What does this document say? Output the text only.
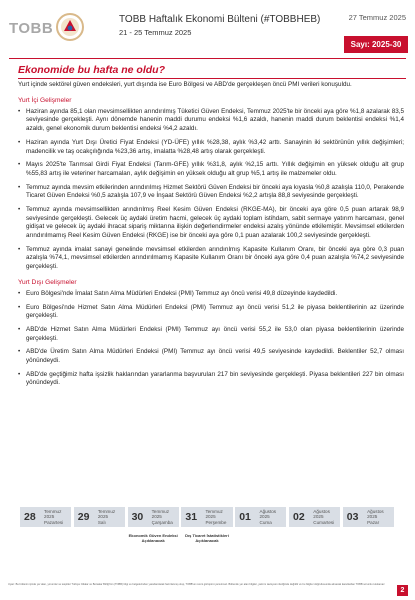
TOBB
TOBB Haftalık Ekonomi Bülteni (#TOBBHEB)
21 - 25 Temmuz 2025
27 Temmuz 2025
Sayı: 2025-30
Ekonomide bu hafta ne oldu?

Yurt içinde sektörel güven endeksleri, yurt dışında ise Euro Bölgesi ve ABD'de gerçekleşen öncü PMI verileri konuşuldu.

Yurt İçi Gelişmeler
• Haziran ayında 85,1 olan mevsimsellikten arındırılmış Tüketici Güven Endeksi, Temmuz 2025'te bir önceki aya göre %1,8 azalarak 83,5 seviyesinde gerçekleşti. Aynı dönemde hanenin maddi durumu endeksi %1,6 azaldı, hanenin maddi durum beklentisi endeksi %1,4 azaldı, genel ekonomik durum beklentisi endeksi %4,2 azaldı.
• Haziran ayında Yurt Dışı Üretici Fiyat Endeksi (YD-ÜFE) yıllık %28,38, aylık %3,42 arttı. Sanayinin iki sektörünün yıllık değişimleri; madencilik ve taş ocakçılığında %23,36 artış, imalatta %28,48 artış olarak gerçekleşti.
• Mayıs 2025'te Tarımsal Girdi Fiyat Endeksi (Tarım-GFE) yıllık %31,8, aylık %2,15 arttı. Yıllık değişimin en yüksek olduğu alt grup %55,83 artış ile veteriner harcamaları, aylık değişimin en yüksek olduğu alt grup %5,1 artış ile malzemeler oldu.
• Temmuz ayında mevsim etkilerinden arındırılmış Hizmet Sektörü Güven Endeksi bir önceki aya kıyasla %0,8 azalışla 110,0, Perakende Ticaret Güven Endeksi %0,5 azalışla 107,9 ve İnşaat Sektörü Güven Endeksi %2,2 artışla 88,8 seviyesinde gerçekleşti.
• Temmuz ayında mevsimsellikten arındırılmış Reel Kesim Güven Endeksi (RKGE-MA), bir önceki aya göre 0,5 puan artarak 98,9 seviyesinde gerçekleşti. Gelecek üç aydaki üretim hacmi, gelecek üç aydaki toplam istihdam, sabit sermaye yatırım harcaması, genel gidişat ve gelecek üç aydaki ihracat sipariş miktarına ilişkin değerlendirmeler endeksi azalış yönünde etkilemiştir. Mevsimsel etkilerden arındırılmamış Reel Kesim Güven Endeksi (RKGE) ise bir önceki aya göre 0,1 puan azalarak 100,2 seviyesinde gerçekleşti.
• Temmuz ayında imalat sanayi genelinde mevsimsel etkilerden arındırılmış Kapasite Kullanım Oranı, bir önceki aya göre 0,3 puan azalışla %74,1, mevsimsel etkilerden arındırılmamış Kapasite Kullanım Oranı bir önceki aya göre 0,4 puan azalışla %74,2 seviyesinde gerçekleşti.
Yurt Dışı Gelişmeler
• Euro Bölgesi'nde İmalat Satın Alma Müdürleri Endeksi (PMI) Temmuz ayı öncü verisi 49,8 düzeyinde kaydedildi.
• Euro Bölgesi'nde Hizmet Satın Alma Müdürleri Endeksi (PMI) Temmuz ayı öncü verisi 51,2 ile piyasa beklentilerinin az üzerinde gerçekleşti.
• ABD'de Hizmet Satın Alma Müdürleri Endeksi (PMI) Temmuz ayı öncü verisi 55,2 ile 53,0 olan piyasa beklentilerinin üzerinde gerçekleşti.
• ABD'de Üretim Satın Alma Müdürleri Endeksi (PMI) Temmuz ayı öncü verisi 49,5 seviyesinde kaydedildi. Beklentiler 52,7 olması yönündeydi.
• ABD'de geçtiğimiz hafta işsizlik haklarından yararlanma başvuruları 217 bin seviyesinde gerçekleşti. Piyasa beklentileri 227 bin olması yönündeydi.
28	Temmuz 2025
Pazartesi	29	Temmuz 2025
Salı	30	Temmuz 2025
Çarşamba	31	Temmuz 2025
Perşembe	01	Ağustos 2025
Cuma	02	Ağustos 2025
Cumartesi	03	Ağustos 2025
Pazar
Ekonomik Güven Endeksi Açıklanacak
Dış Ticaret İstatistikleri Açıklanacak
Uyarı: Bu bültenin içinde yer alan, yorumlar ve tespitler Türkiye Odalar ve Borsalar Birliği'nin (TOBB) bilgi ve belgelerinden yararlanılarak hazırlanmış olup, TOBB'un resmi görüşünü yansıtmaz. Bültende yer alan bilgiler, yatırım tavsiyesi niteliğinde değildir ve bu bilgiler doğrultusunda alınacak kararlardan TOBB sorumlu tutulamaz.
2
